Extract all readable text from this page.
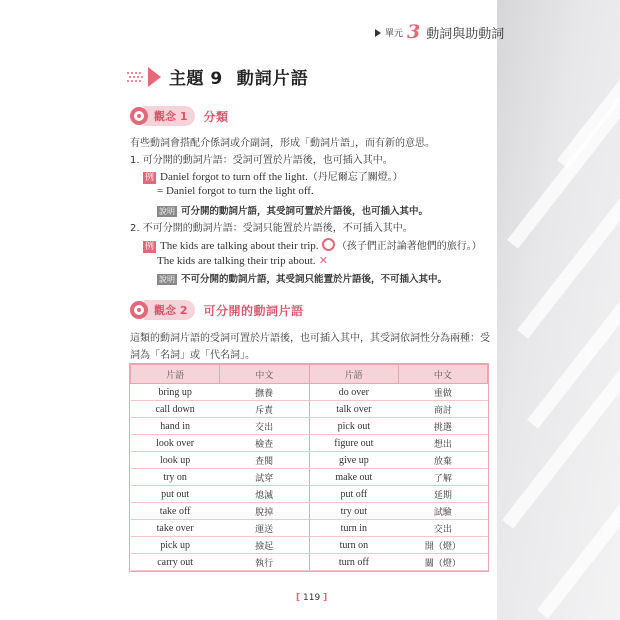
單元 3 動詞與助動詞
主題 9 動詞片語
觀念 1	分類
有些動詞會搭配介係詞或介副詞，形成「動詞片語」，而有新的意思。
1. 可分開的動詞片語：受詞可置於片語後，也可插入其中。
例 Daniel forgot to turn off the light.（丹尼爾忘了關燈。）
= Daniel forgot to turn the light off.
說明 可分開的動詞片語，其受詞可置於片語後，也可插入其中。
2. 不可分開的動詞片語：受詞只能置於片語後，不可插入其中。
例 The kids are talking about their trip. （孩子們正討論著他們的旅行。）
The kids are talking their trip about. ✕
說明 不可分開的動詞片語，其受詞只能置於片語後，不可插入其中。
觀念 2	可分開的動詞片語
這類的動詞片語的受詞可置於片語後，也可插入其中，其受詞依詞性分為兩種：受
詞為「名詞」或「代名詞」。
片語	中文	片語	中文
bring up	撫養	do over	重做
call down	斥責	talk over	商討
hand in	交出	pick out	挑選
look over	檢查	figure out	想出
look up	查閱	give up	放棄
try on	試穿	make out	了解
put out	熄滅	put off	延期
take off	脫掉	try out	試驗
take over	運送	turn in	交出
pick up	撿起	turn on	開（燈）
carry out	執行	turn off	關（燈）
[ 119 ]
